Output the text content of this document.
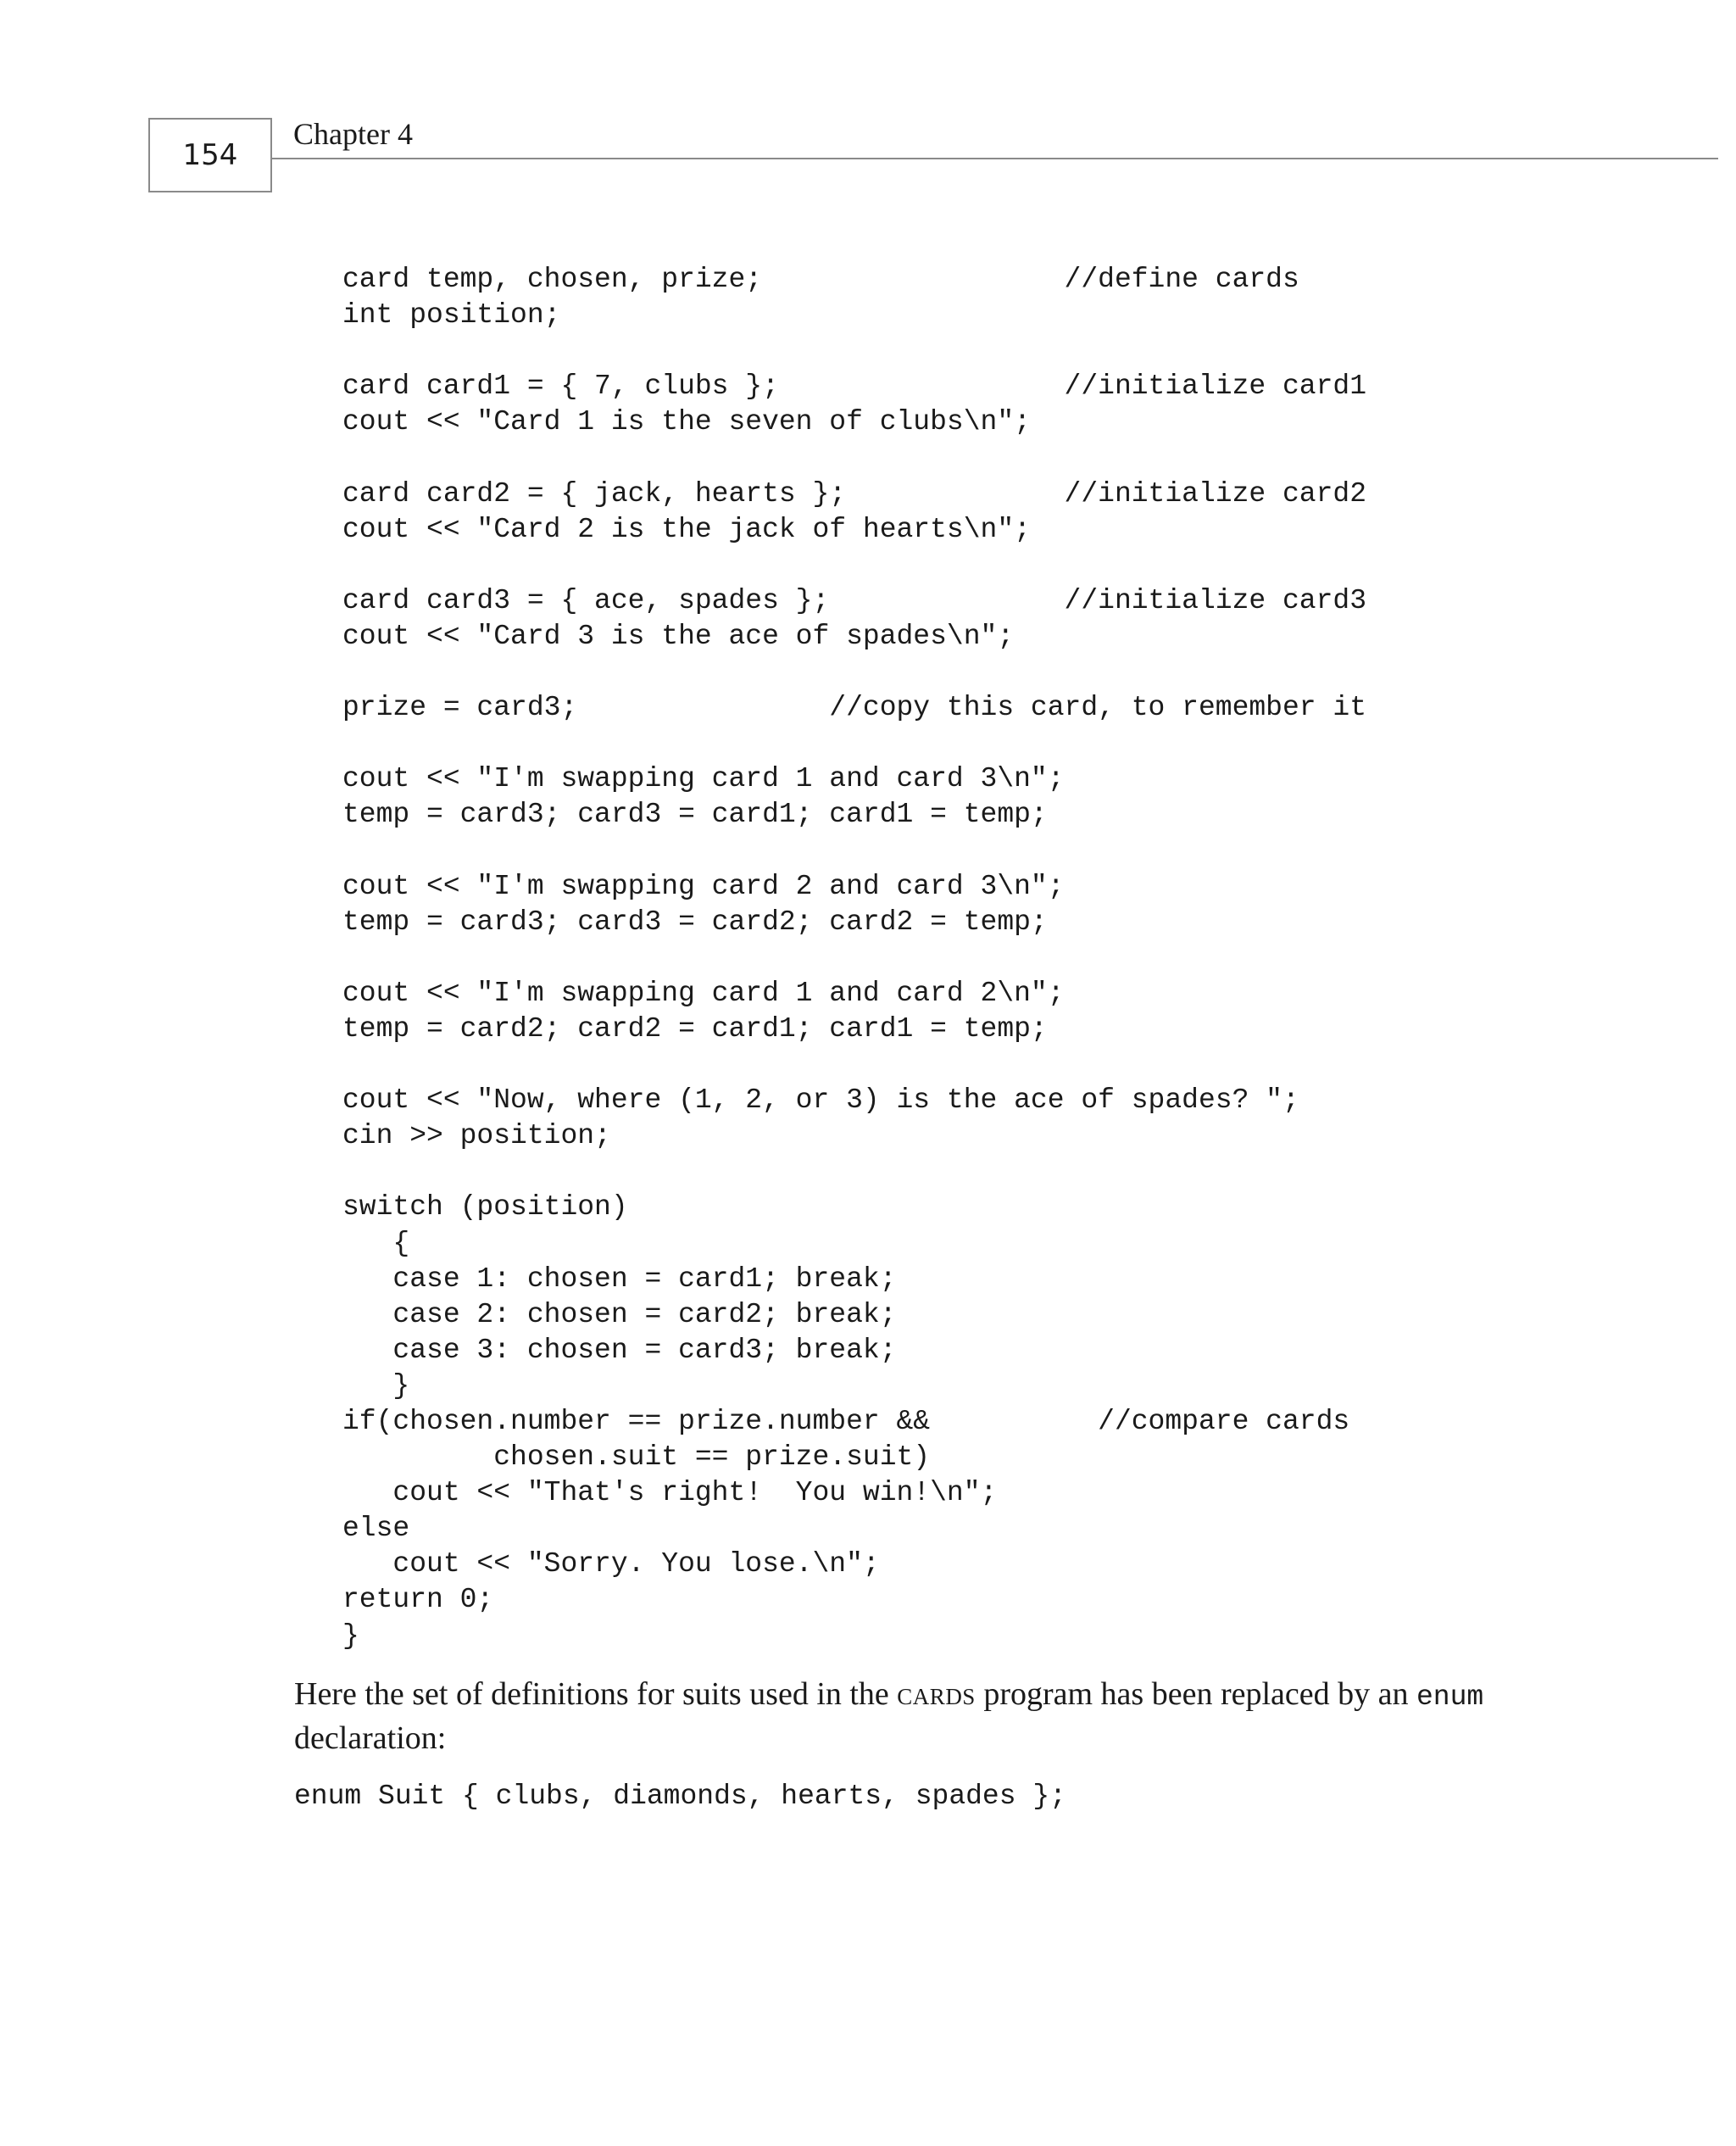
154
Chapter 4
card temp, chosen, prize;                  //define cards
int position;
card card1 = { 7, clubs };                 //initialize card1
cout << "Card 1 is the seven of clubs\n";
card card2 = { jack, hearts };             //initialize card2
cout << "Card 2 is the jack of hearts\n";
card card3 = { ace, spades };              //initialize card3
cout << "Card 3 is the ace of spades\n";
prize = card3;               //copy this card, to remember it
cout << "I'm swapping card 1 and card 3\n";
temp = card3; card3 = card1; card1 = temp;
cout << "I'm swapping card 2 and card 3\n";
temp = card3; card3 = card2; card2 = temp;
cout << "I'm swapping card 1 and card 2\n";
temp = card2; card2 = card1; card1 = temp;
cout << "Now, where (1, 2, or 3) is the ace of spades? ";
cin >> position;
switch (position)
{
case 1: chosen = card1; break;
case 2: chosen = card2; break;
case 3: chosen = card3; break;
}
if(chosen.number == prize.number &&          //compare cards
chosen.suit == prize.suit)
cout << "That's right!  You win!\n";
else
cout << "Sorry. You lose.\n";
return 0;
}

Here the set of definitions for suits used in the cards program has been replaced by an enum declaration:

enum Suit { clubs, diamonds, hearts, spades };
